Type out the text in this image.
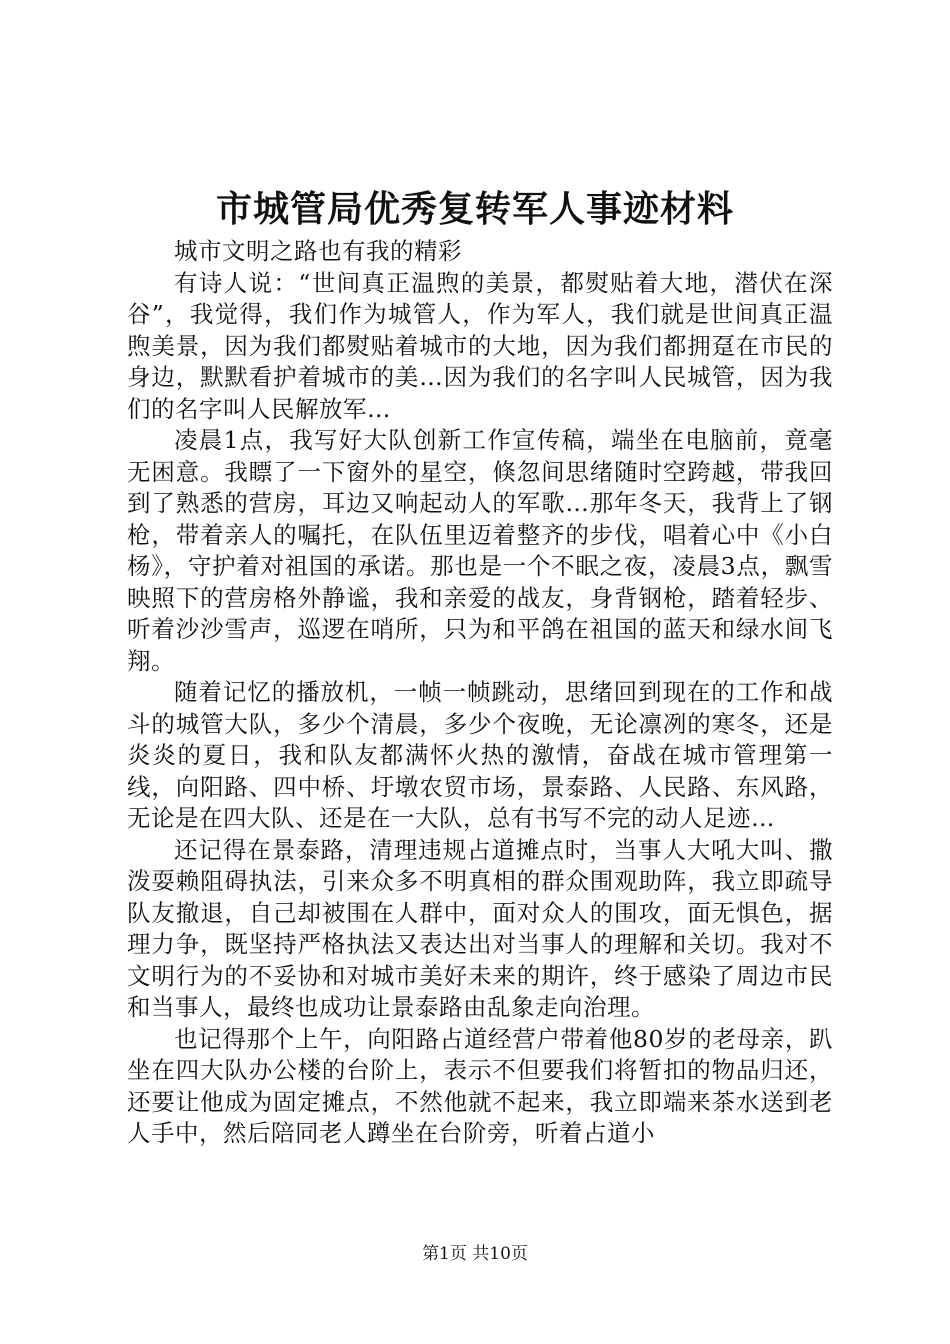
市城管局优秀复转军人事迹材料

城市文明之路也有我的精彩

有诗人说：“世间真正温煦的美景，都熨贴着大地，潜伏在深谷”，我觉得，我们作为城管人，作为军人，我们就是世间真正温煦美景，因为我们都熨贴着城市的大地，因为我们都拥趸在市民的身边，默默看护着城市的美…因为我们的名字叫人民城管，因为我们的名字叫人民解放军…

凌晨1点，我写好大队创新工作宣传稿，端坐在电脑前，竟毫无困意。我瞟了一下窗外的星空，倏忽间思绪随时空跨越，带我回到了熟悉的营房，耳边又响起动人的军歌…那年冬天，我背上了钢枪，带着亲人的嘱托，在队伍里迈着整齐的步伐，唱着心中《小白杨》，守护着对祖国的承诺。那也是一个不眠之夜，凌晨3点，飘雪映照下的营房格外静谧，我和亲爱的战友，身背钢枪，踏着轻步、听着沙沙雪声，巡逻在哨所，只为和平鸽在祖国的蓝天和绿水间飞翔。

随着记忆的播放机，一帧一帧跳动，思绪回到现在的工作和战斗的城管大队，多少个清晨，多少个夜晚，无论凛冽的寒冬，还是炎炎的夏日，我和队友都满怀火热的激情，奋战在城市管理第一线，向阳路、四中桥、圩墩农贸市场，景泰路、人民路、东风路，无论是在四大队、还是在一大队，总有书写不完的动人足迹…

还记得在景泰路，清理违规占道摊点时，当事人大吼大叫、撒泼耍赖阻碍执法，引来众多不明真相的群众围观助阵，我立即疏导队友撤退，自己却被围在人群中，面对众人的围攻，面无惧色，据理力争，既坚持严格执法又表达出对当事人的理解和关切。我对不文明行为的不妥协和对城市美好未来的期许，终于感染了周边市民和当事人，最终也成功让景泰路由乱象走向治理。

也记得那个上午，向阳路占道经营户带着他80岁的老母亲，趴坐在四大队办公楼的台阶上，表示不但要我们将暂扣的物品归还，还要让他成为固定摊点，不然他就不起来，我立即端来茶水送到老人手中，然后陪同老人蹲坐在台阶旁，听着占道小

第1页 共10页
